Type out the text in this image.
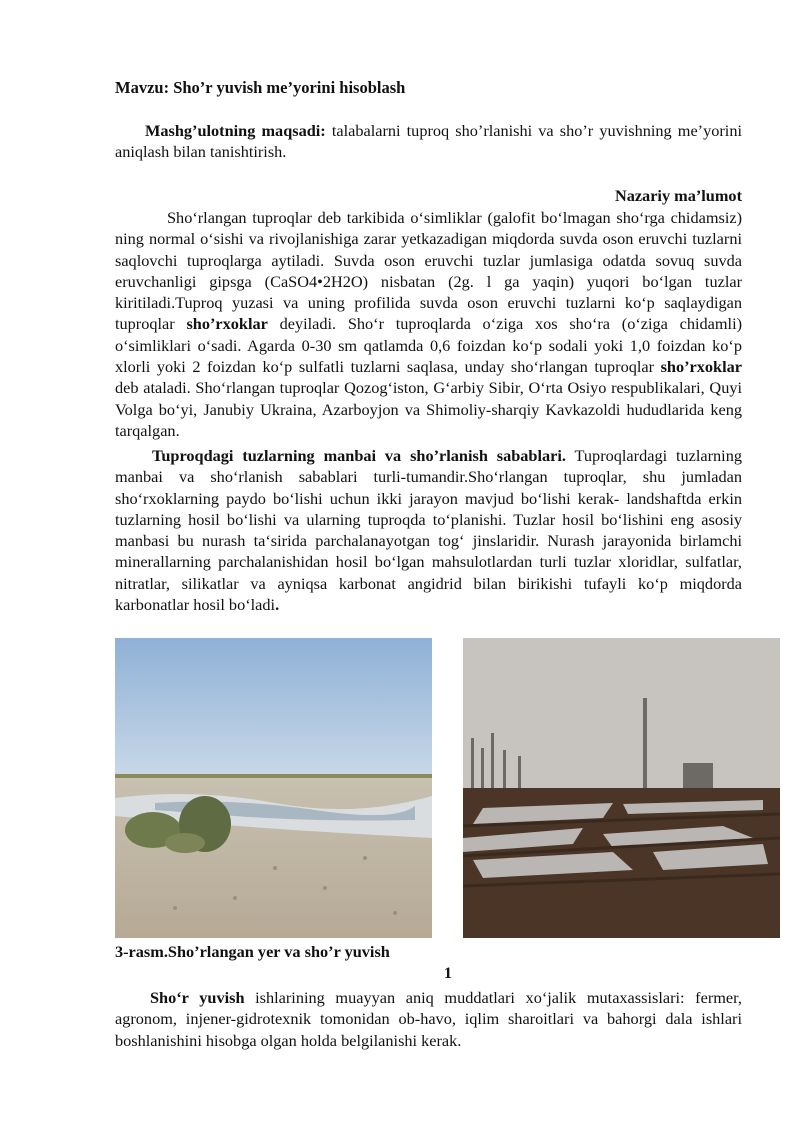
Mavzu: Sho’r yuvish me’yorini hisoblash
Mashg’ulotning maqsadi: talabalarni tuproq sho’rlanishi va sho’r yuvishning me’yorini aniqlash bilan tanishtirish.
Nazariy ma’lumot
Sho‘rlangan tuproqlar deb tarkibida o‘simliklar (galofit bo‘lmagan sho‘rga chidamsiz) ning normal o‘sishi va rivojlanishiga zarar yetkazadigan miqdorda suvda oson eruvchi tuzlarni saqlovchi tuproqlarga aytiladi. Suvda oson eruvchi tuzlar jumlasiga odatda sovuq suvda eruvchanligi gipsga (CaSO4•2H2O) nisbatan (2g. l ga yaqin) yuqori bo‘lgan tuzlar kiritiladi.Tuproq yuzasi va uning profilida suvda oson eruvchi tuzlarni ko‘p saqlaydigan tuproqlar sho’rxoklar deyiladi. Sho‘r tuproqlarda o‘ziga xos sho‘ra (o‘ziga chidamli) o‘simliklari o‘sadi. Agarda 0-30 sm qatlamda 0,6 foizdan ko‘p sodali yoki 1,0 foizdan ko‘p xlorli yoki 2 foizdan ko‘p sulfatli tuzlarni saqlasa, unday sho‘rlangan tuproqlar sho’rxoklar deb ataladi. Sho‘rlangan tuproqlar Qozog‘iston, G‘arbiy Sibir, O‘rta Osiyo respublikalari, Quyi Volga bo‘yi, Janubiy Ukraina, Azarboyjon va Shimoliy-sharqiy Kavkazoldi hududlarida keng tarqalgan.
Tuproqdagi tuzlarning manbai va sho’rlanish sabablari. Tuproqlardagi tuzlarning manbai va sho‘rlanish sabablari turli-tumandir.Sho‘rlangan tuproqlar, shu jumladan sho‘rxoklarning paydo bo‘lishi uchun ikki jarayon mavjud bo‘lishi kerak- landshaftda erkin tuzlarning hosil bo‘lishi va ularning tuproqda to‘planishi. Tuzlar hosil bo‘lishini eng asosiy manbasi bu nurash ta‘sirida parchalanayotgan tog‘ jinslaridir. Nurash jarayonida birlamchi minerallarning parchalanishidan hosil bo‘lgan mahsulotlardan turli tuzlar xloridlar, sulfatlar, nitratlar, silikatlar va ayniqsa karbonat angidrid bilan birikishi tufayli ko‘p miqdorda karbonatlar hosil bo‘ladi.
3-rasm.Sho’rlangan yer va sho’r yuvish
1
Sho‘r yuvish ishlarining muayyan aniq muddatlari xo‘jalik mutaxassislari: fermer, agronom, injener-gidrotexnik tomonidan ob-havo, iqlim sharoitlari va bahorgi dala ishlari boshlanishini hisobga olgan holda belgilanishi kerak.
